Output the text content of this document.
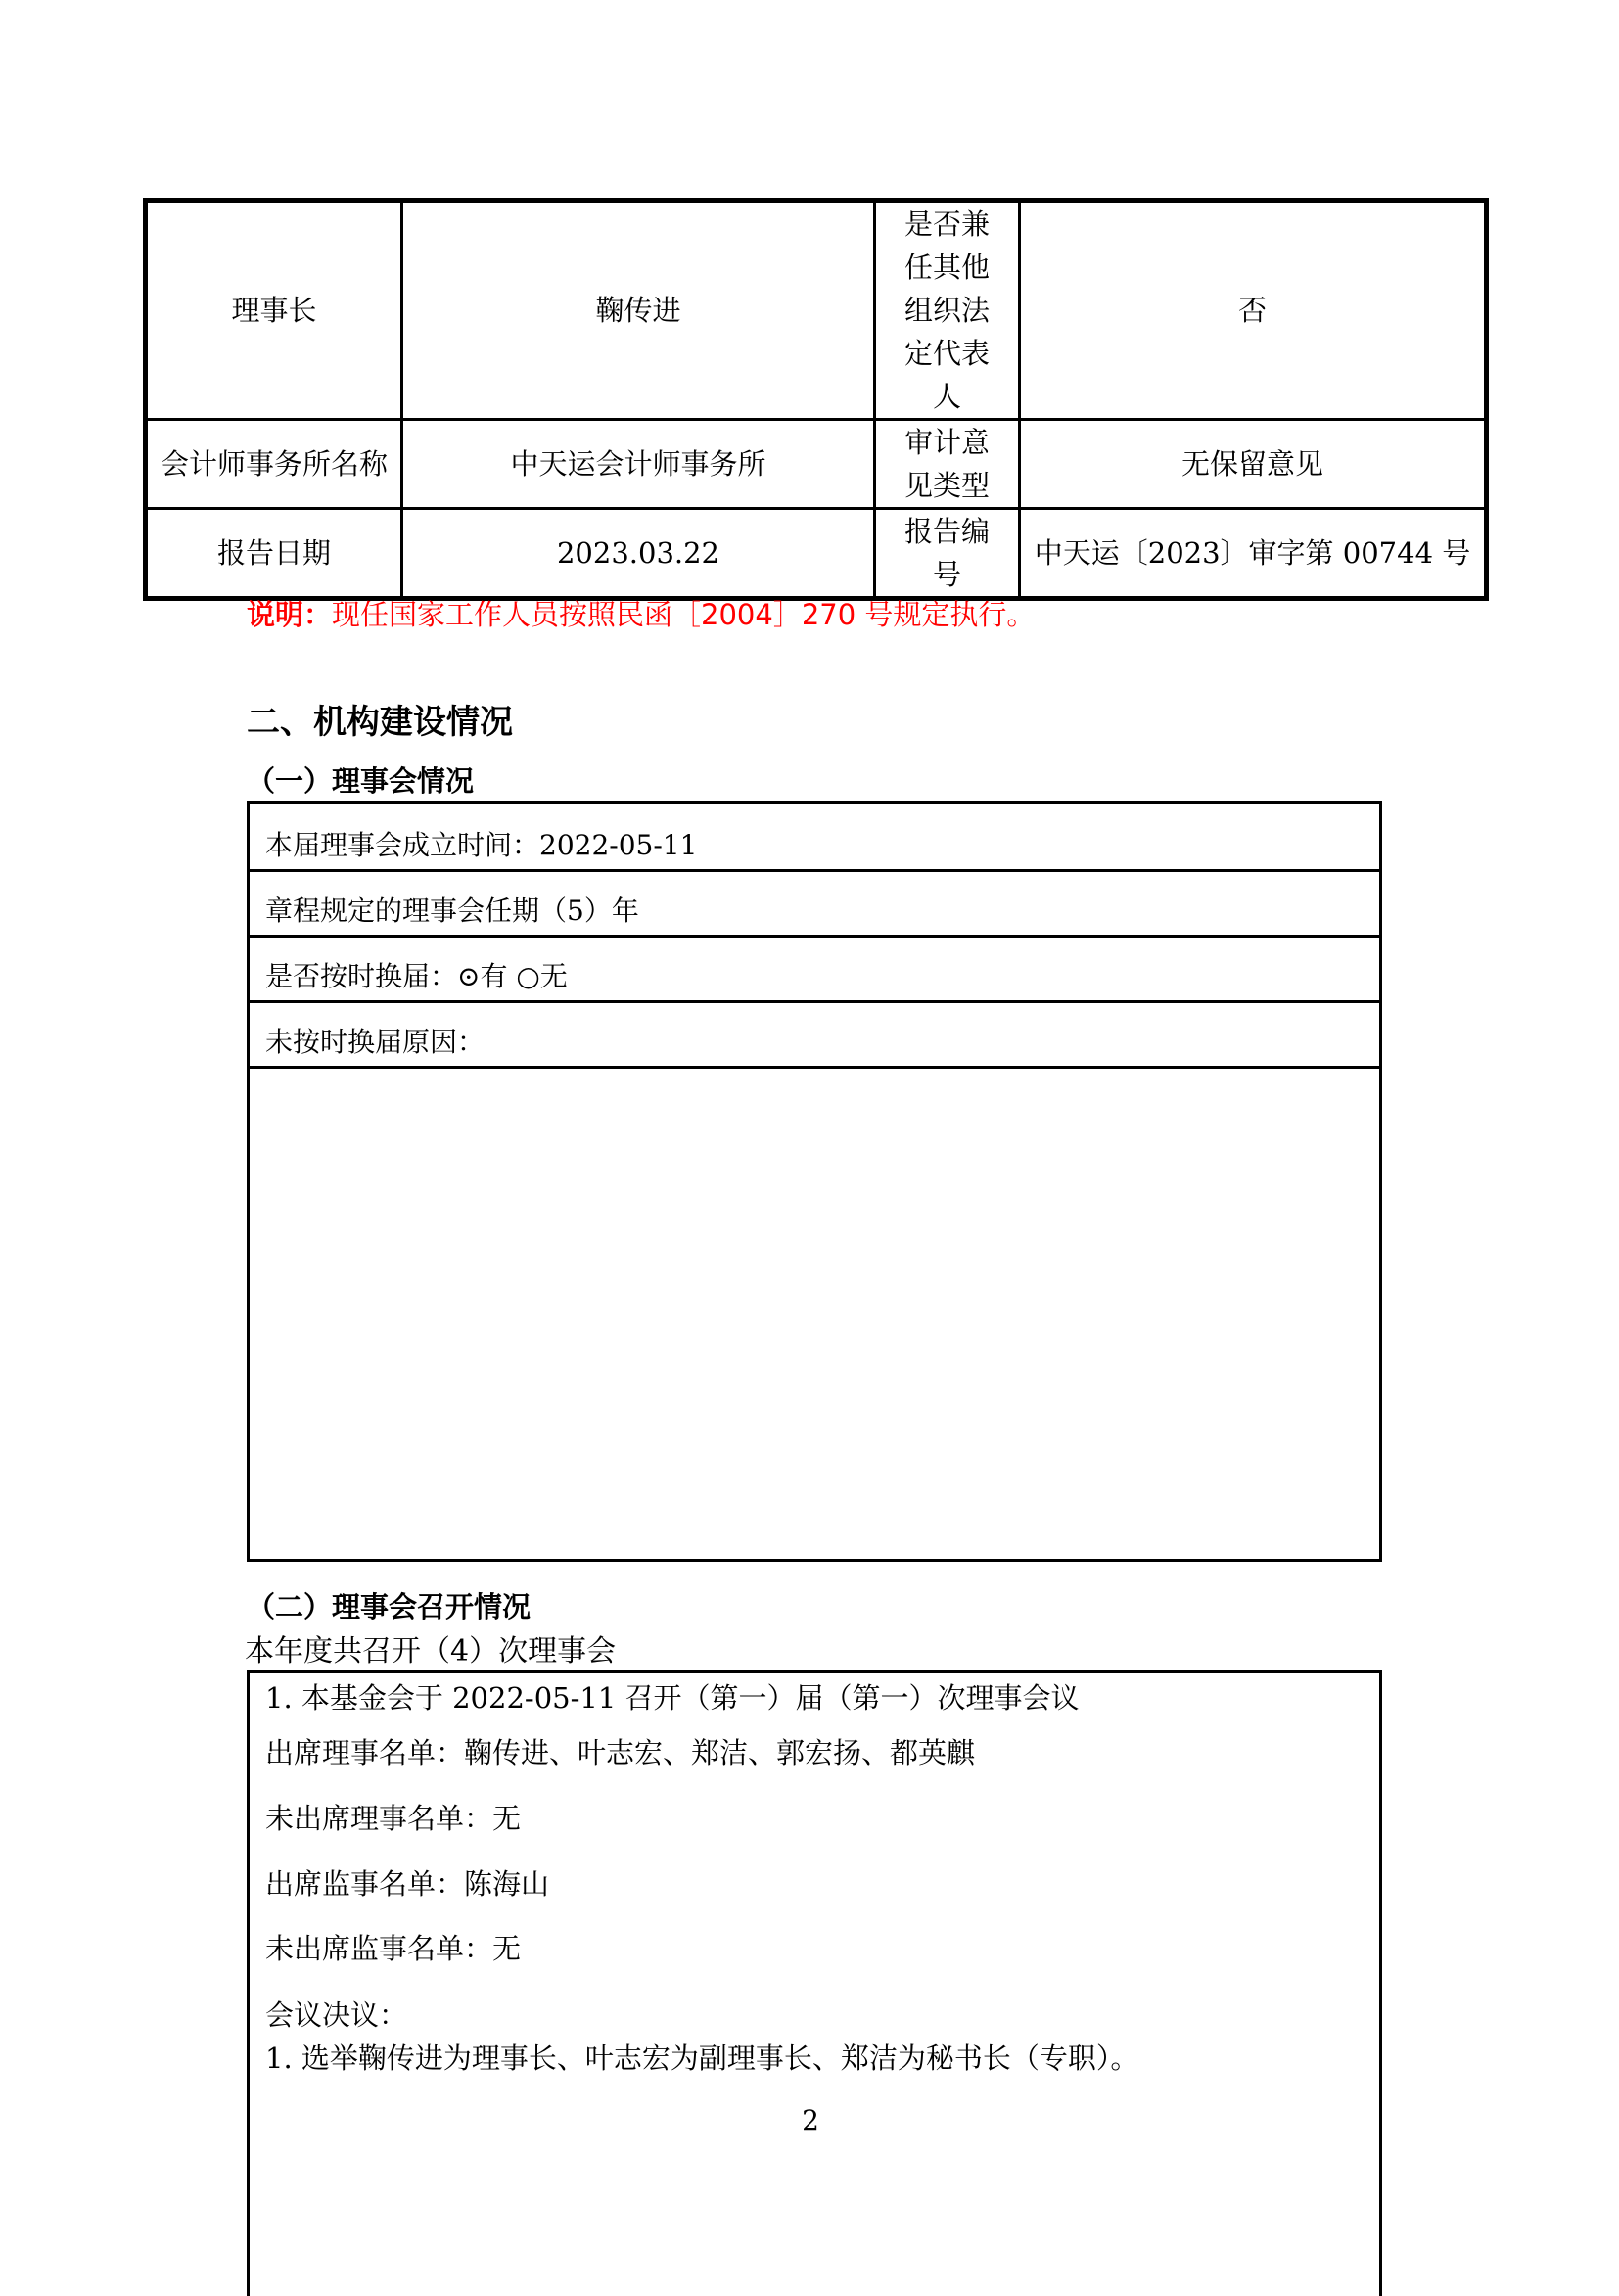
理事长	鞠传进	是否兼任其他组织法定代表人	否
会计师事务所名称	中天运会计师事务所	审计意见类型	无保留意见
报告日期	2023.03.22	报告编号	中天运〔2023〕审字第 00744 号
说明：现任国家工作人员按照民函［2004］270 号规定执行。
二、机构建设情况
（一）理事会情况
本届理事会成立时间：2022-05-11
章程规定的理事会任期（5）年
是否按时换届：⊙有 ○无
未按时换届原因：
（二）理事会召开情况
本年度共召开（4）次理事会
1. 本基金会于 2022-05-11 召开（第一）届（第一）次理事会议
出席理事名单：鞠传进、叶志宏、郑洁、郭宏扬、都英麒
未出席理事名单：无
出席监事名单：陈海山
未出席监事名单：无
会议决议：
1. 选举鞠传进为理事长、叶志宏为副理事长、郑洁为秘书长（专职）。
2
